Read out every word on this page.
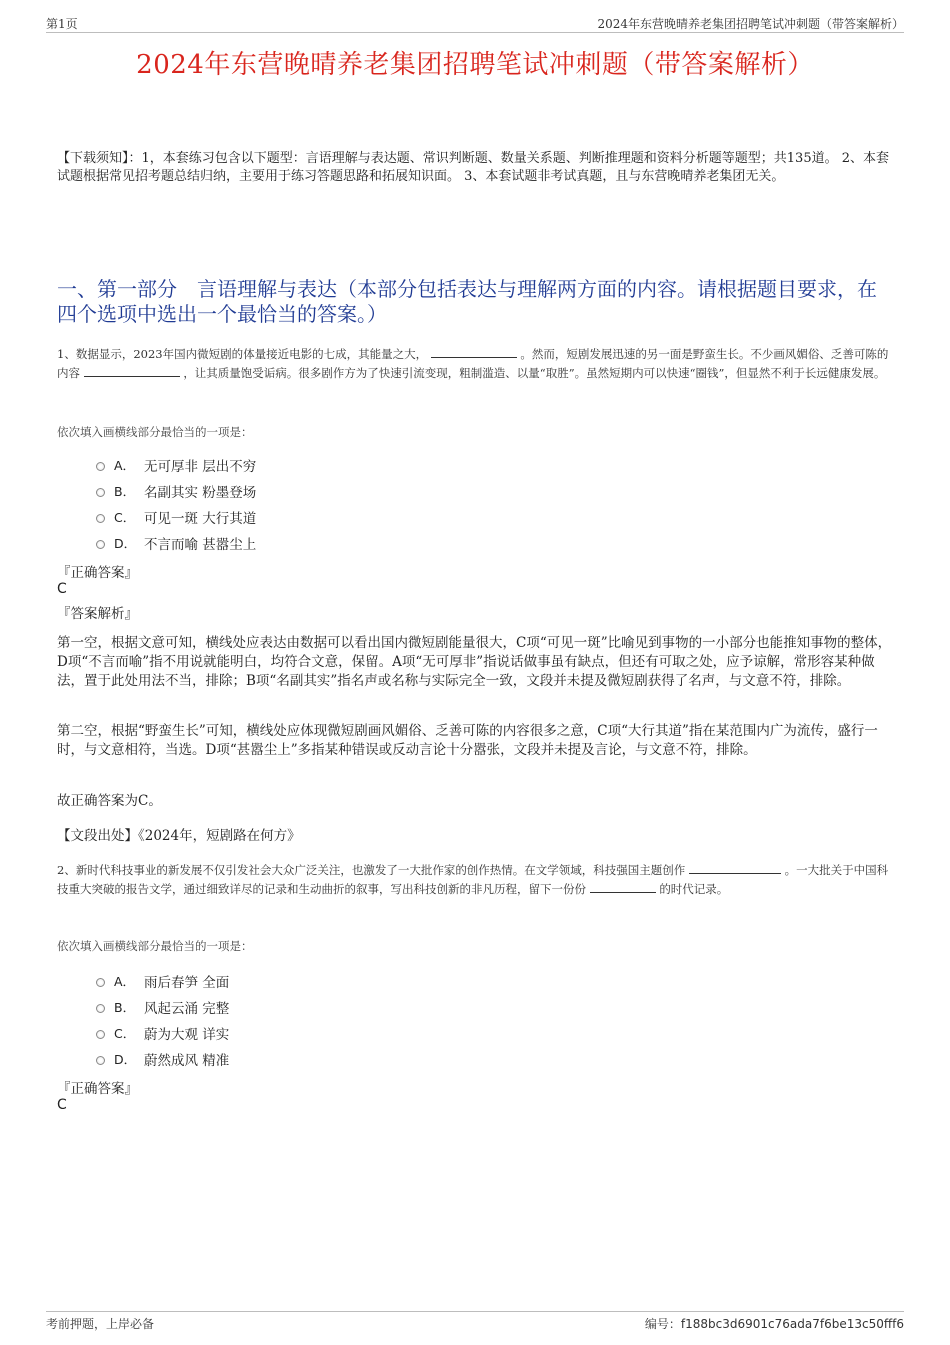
第1页	2024年东营晚晴养老集团招聘笔试冲刺题（带答案解析）
2024年东营晚晴养老集团招聘笔试冲刺题（带答案解析）
【下载须知】：1，本套练习包含以下题型：言语理解与表达题、常识判断题、数量关系题、判断推理题和资料分析题等题型；共135道。 2、本套试题根据常见招考题总结归纳，主要用于练习答题思路和拓展知识面。 3、本套试题非考试真题，且与东营晚晴养老集团无关。
一、第一部分　言语理解与表达（本部分包括表达与理解两方面的内容。请根据题目要求，在四个选项中选出一个最恰当的答案。）
1、数据显示，2023年国内微短剧的体量接近电影的七成，其能量之大，	。然而，短剧发展迅速的另一面是野蛮生长。不少画风媚俗、乏善可陈的内容	，让其质量饱受诟病。很多剧作方为了快速引流变现，粗制滥造、以量“取胜”。虽然短期内可以快速“圈钱”，但显然不利于长远健康发展。
依次填入画横线部分最恰当的一项是：
A． 无可厚非 层出不穷
B． 名副其实 粉墨登场
C． 可见一斑 大行其道
D． 不言而喻 甚嚣尘上
『正确答案』
C
『答案解析』
第一空，根据文意可知，横线处应表达由数据可以看出国内微短剧能量很大，C项“可见一斑”比喻见到事物的一小部分也能推知事物的整体，D项“不言而喻”指不用说就能明白，均符合文意，保留。A项“无可厚非”指说话做事虽有缺点，但还有可取之处，应予谅解，常形容某种做法，置于此处用法不当，排除；B项“名副其实”指名声或名称与实际完全一致，文段并未提及微短剧获得了名声，与文意不符，排除。
第二空，根据“野蛮生长”可知，横线处应体现微短剧画风媚俗、乏善可陈的内容很多之意，C项“大行其道”指在某范围内广为流传，盛行一时，与文意相符，当选。D项“甚嚣尘上”多指某种错误或反动言论十分嚣张，文段并未提及言论，与文意不符，排除。
故正确答案为C。
【文段出处】《2024年，短剧路在何方》
2、新时代科技事业的新发展不仅引发社会大众广泛关注，也激发了一大批作家的创作热情。在文学领域，科技强国主题创作	。一大批关于中国科技重大突破的报告文学，通过细致详尽的记录和生动曲折的叙事，写出科技创新的非凡历程，留下一份份	的时代记录。
依次填入画横线部分最恰当的一项是：
A． 雨后春笋 全面
B． 风起云涌 完整
C． 蔚为大观 详实
D． 蔚然成风 精准
『正确答案』
C
考前押题，上岸必备	编号：f188bc3d6901c76ada7f6be13c50fff6
